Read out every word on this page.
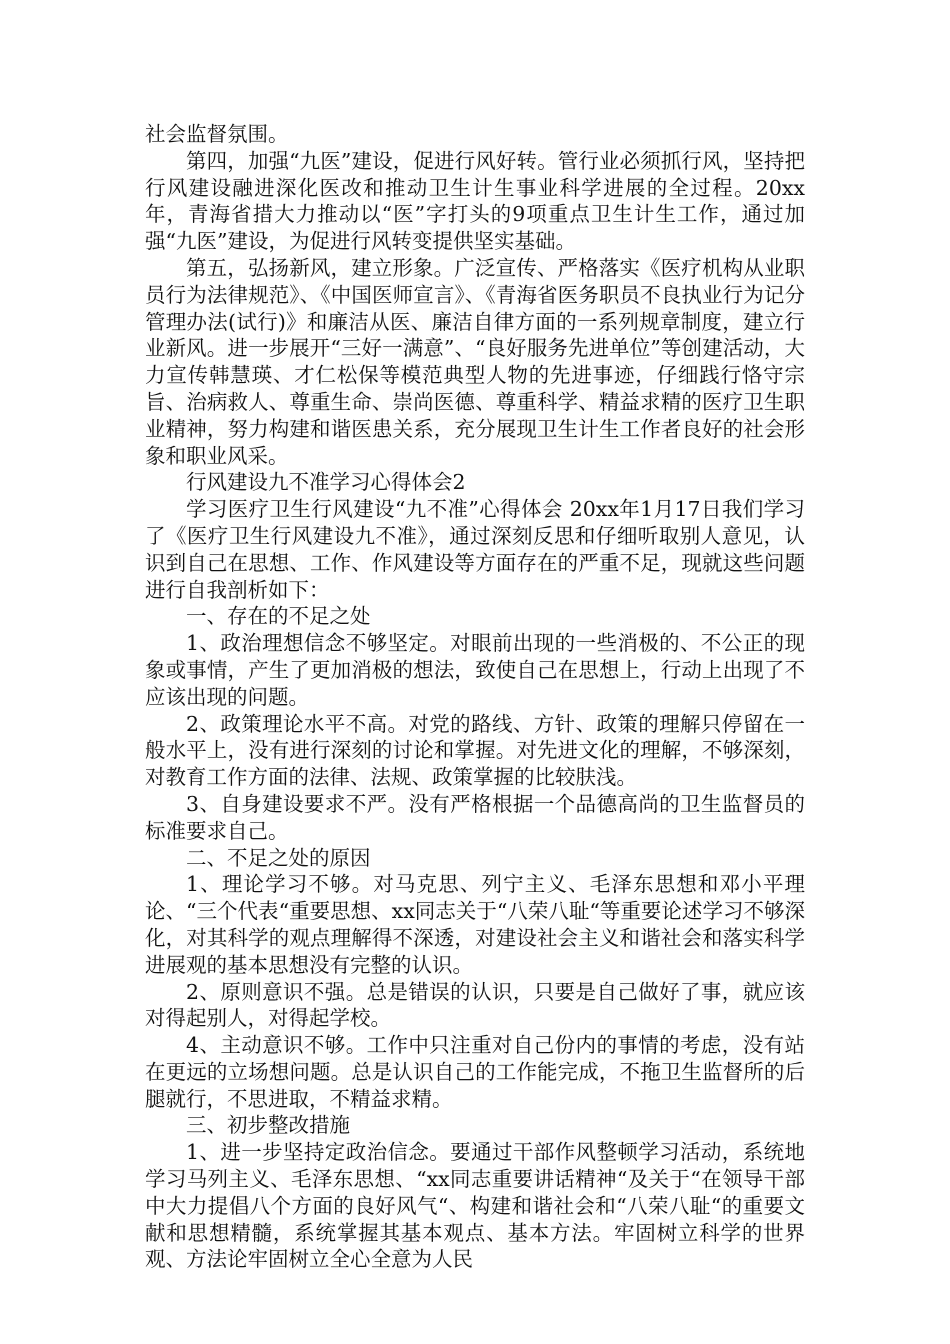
社会监督氛围。

第四，加强“九医”建设，促进行风好转。管行业必须抓行风，坚持把行风建设融进深化医改和推动卫生计生事业科学进展的全过程。20xx年，青海省措大力推动以“医”字打头的9项重点卫生计生工作，通过加强“九医”建设，为促进行风转变提供坚实基础。

第五，弘扬新风，建立形象。广泛宣传、严格落实《医疗机构从业职员行为法律规范》、《中国医师宣言》、《青海省医务职员不良执业行为记分管理办法(试行)》和廉洁从医、廉洁自律方面的一系列规章制度，建立行业新风。进一步展开“三好一满意”、“良好服务先进单位”等创建活动，大力宣传韩慧瑛、才仁松保等模范典型人物的先进事迹，仔细践行恪守宗旨、治病救人、尊重生命、崇尚医德、尊重科学、精益求精的医疗卫生职业精神，努力构建和谐医患关系，充分展现卫生计生工作者良好的社会形象和职业风采。

行风建设九不准学习心得体会2

学习医疗卫生行风建设“九不准”心得体会 20xx年1月17日我们学习了《医疗卫生行风建设九不准》，通过深刻反思和仔细听取别人意见，认识到自己在思想、工作、作风建设等方面存在的严重不足，现就这些问题进行自我剖析如下：

一、存在的不足之处

1、政治理想信念不够坚定。对眼前出现的一些消极的、不公正的现象或事情，产生了更加消极的想法，致使自己在思想上，行动上出现了不应该出现的问题。

2、政策理论水平不高。对党的路线、方针、政策的理解只停留在一般水平上，没有进行深刻的讨论和掌握。对先进文化的理解，不够深刻，对教育工作方面的法律、法规、政策掌握的比较肤浅。

3、自身建设要求不严。没有严格根据一个品德高尚的卫生监督员的标准要求自己。

二、不足之处的原因

1、理论学习不够。对马克思、列宁主义、毛泽东思想和邓小平理论、“三个代表“重要思想、xx同志关于“八荣八耻“等重要论述学习不够深化，对其科学的观点理解得不深透，对建设社会主义和谐社会和落实科学进展观的基本思想没有完整的认识。

2、原则意识不强。总是错误的认识，只要是自己做好了事，就应该对得起别人，对得起学校。

4、主动意识不够。工作中只注重对自己份内的事情的考虑，没有站在更远的立场想问题。总是认识自己的工作能完成，不拖卫生监督所的后腿就行，不思进取，不精益求精。

三、初步整改措施

1、进一步坚持定政治信念。要通过干部作风整顿学习活动，系统地学习马列主义、毛泽东思想、“xx同志重要讲话精神“及关于“在领导干部中大力提倡八个方面的良好风气“、构建和谐社会和“八荣八耻“的重要文献和思想精髓，系统掌握其基本观点、基本方法。牢固树立科学的世界观、方法论牢固树立全心全意为人民
